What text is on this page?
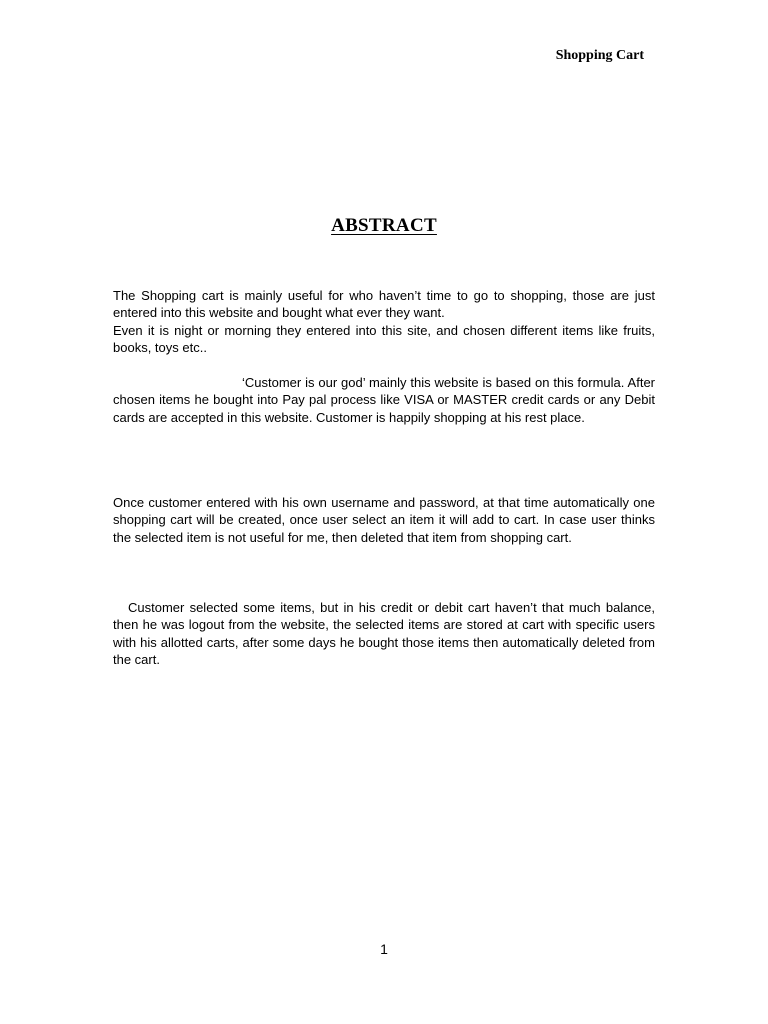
Shopping Cart
ABSTRACT

The Shopping cart is mainly useful for who haven’t time to go to shopping, those are just entered into this website and bought what ever they want.

Even it is night or morning they entered into this site, and chosen different items like fruits, books, toys etc..

‘Customer is our god’ mainly this website is based on this formula. After chosen items he bought into Pay pal process like VISA or MASTER credit cards or any Debit cards are accepted in this website. Customer is happily shopping at his rest place.

Once customer entered with his own username and password, at that time automatically one shopping cart will be created, once user select an item it will add to cart. In case user thinks the selected item is not useful for me, then deleted that item from shopping cart.

Customer selected some items, but in his credit or debit cart haven’t that much balance, then he was logout from the website, the selected items are stored at cart with specific users with his allotted carts, after some days he bought those items then automatically deleted from the cart.

1
